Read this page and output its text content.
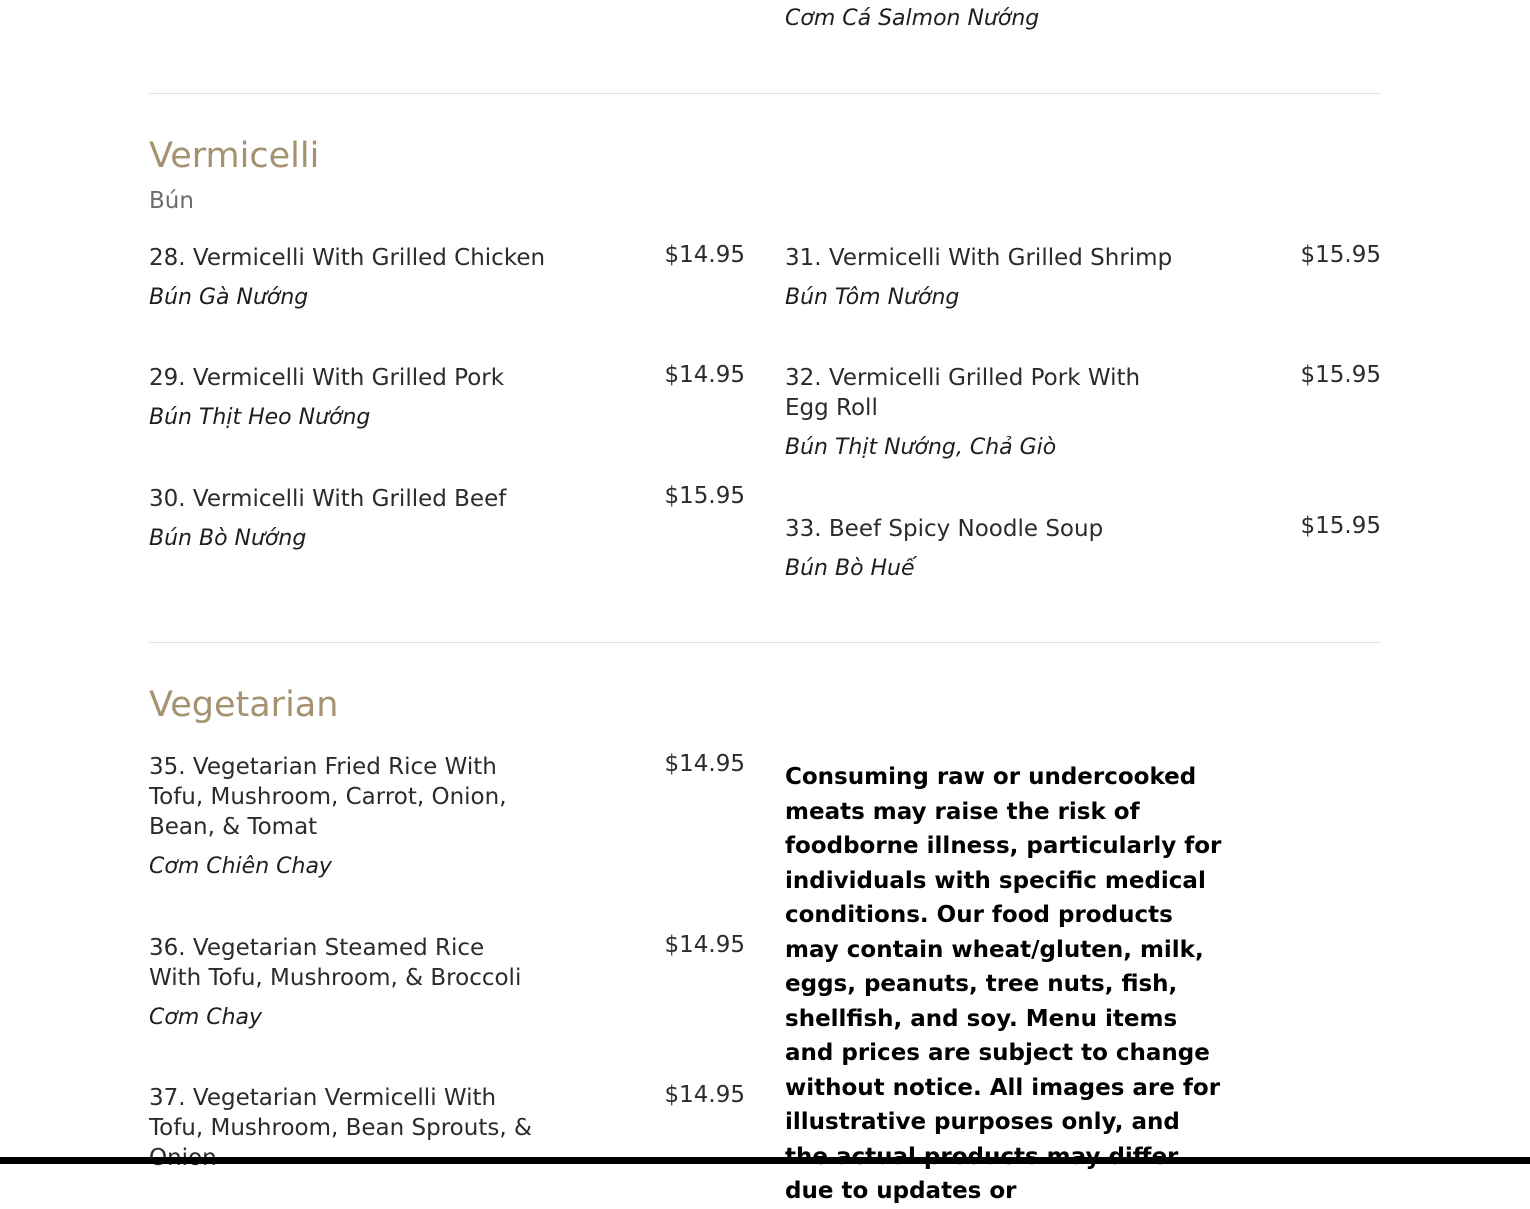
Cơm Cá Salmon Nướng
Vermicelli
Bún
28. Vermicelli With Grilled Chicken
Bún Gà Nướng
$14.95
29. Vermicelli With Grilled Pork
Bún Thịt Heo Nướng
$14.95
30. Vermicelli With Grilled Beef
Bún Bò Nướng
$15.95
31. Vermicelli With Grilled Shrimp
Bún Tôm Nướng
$15.95
32. Vermicelli Grilled Pork With Egg Roll
Bún Thịt Nướng, Chả Giò
$15.95
33. Beef Spicy Noodle Soup
Bún Bò Huế
$15.95
Vegetarian
35. Vegetarian Fried Rice With Tofu, Mushroom, Carrot, Onion, Bean, & Tomat
Cơm Chiên Chay
$14.95
36. Vegetarian Steamed Rice With Tofu, Mushroom, & Broccoli
Cơm Chay
$14.95
37. Vegetarian Vermicelli With Tofu, Mushroom, Bean Sprouts, &
$14.95
Consuming raw or undercooked meats may raise the risk of foodborne illness, particularly for individuals with specific medical conditions. Our food products may contain wheat/gluten, milk, eggs, peanuts, tree nuts, fish, shellfish, and soy. Menu items and prices are subject to change without notice. All images are for illustrative purposes only, and due to updates or
